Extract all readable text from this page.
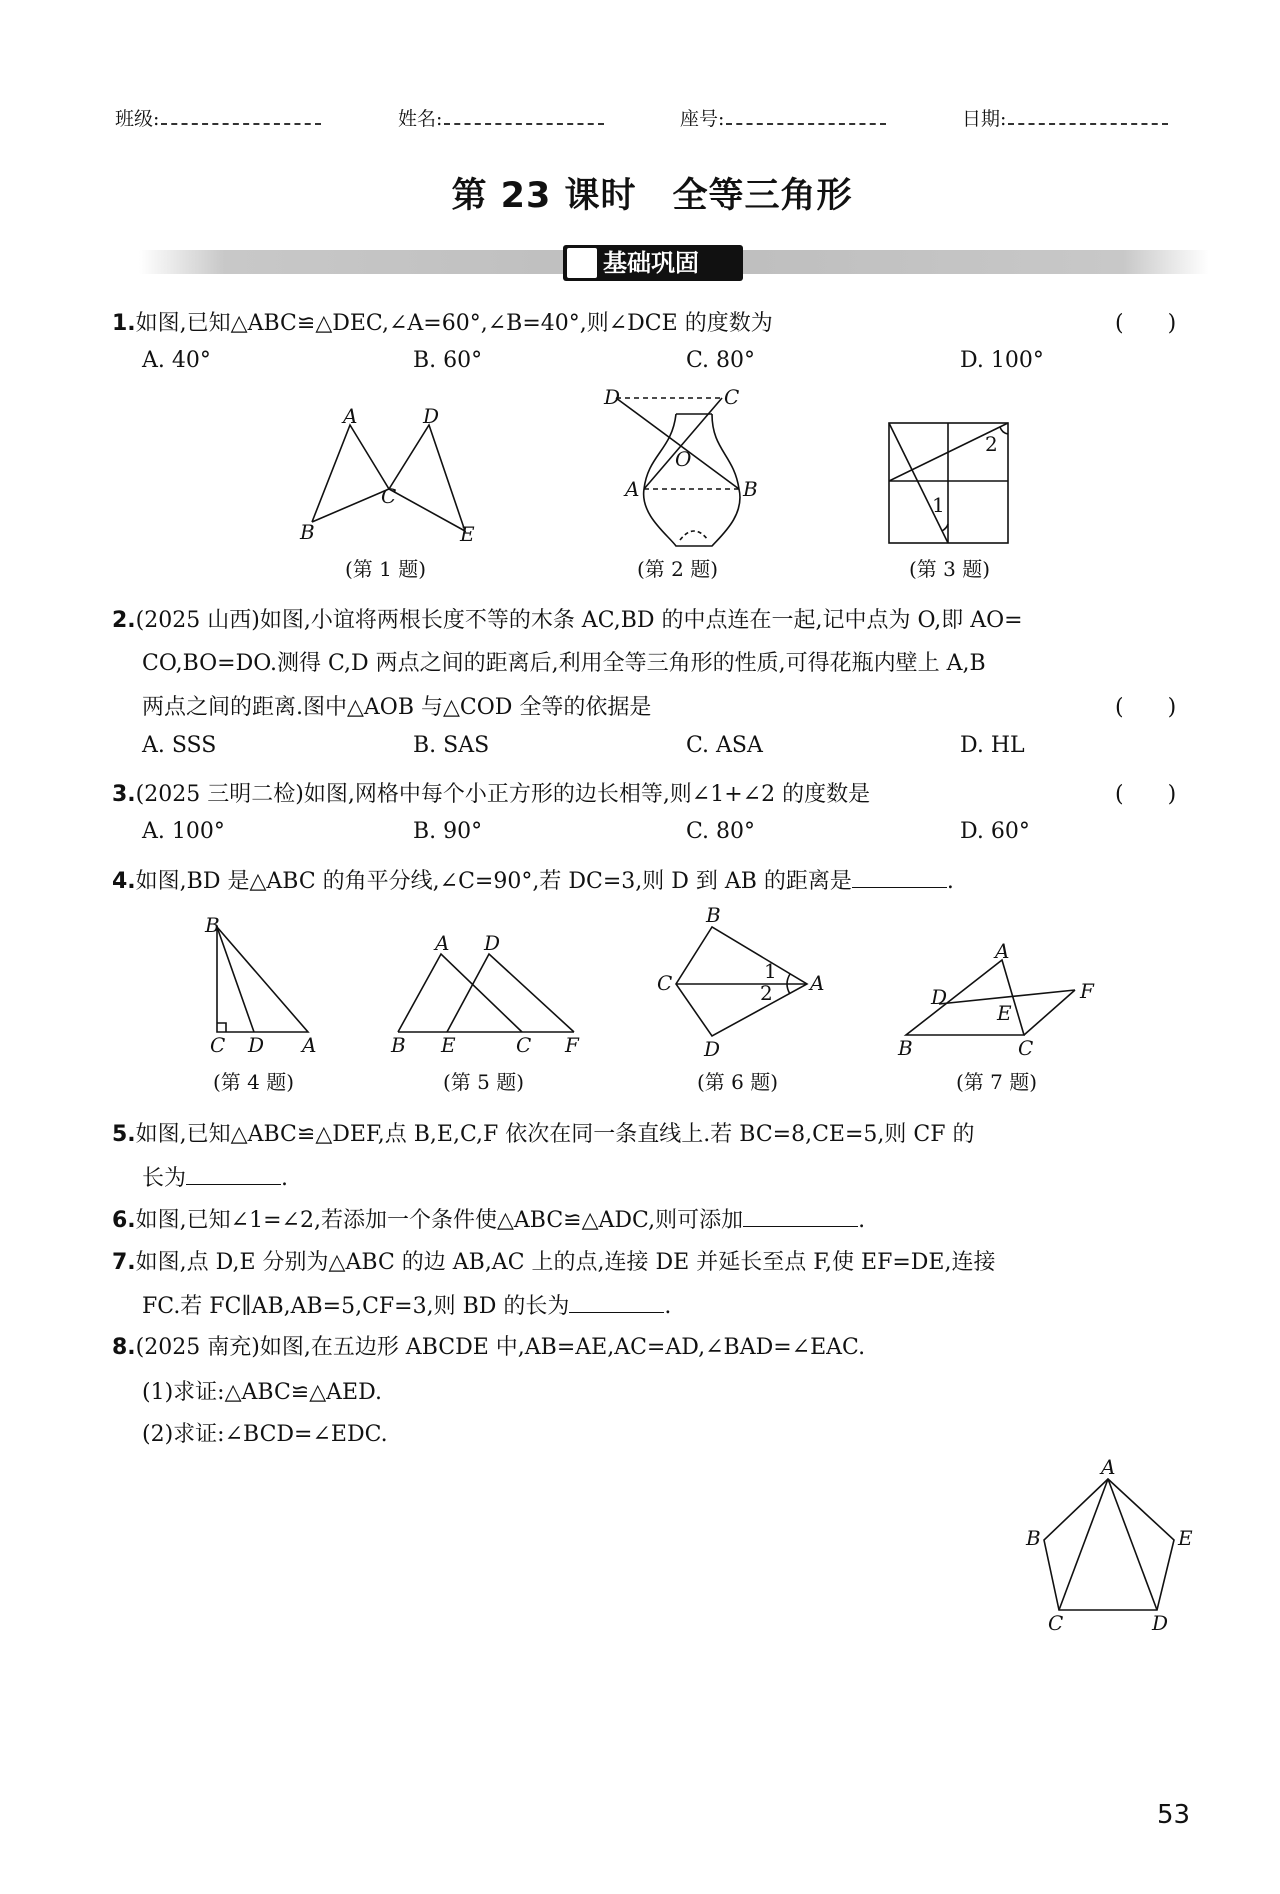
班级:	姓名:	座号:	日期:
第 23 课时　全等三角形
基础巩固
1.如图,已知△ABC≌△DEC,∠A=60°,∠B=40°,则∠DCE 的度数为	(　　)
A. 40°	B. 60°	C. 80°	D. 100°
(第 1 题)	(第 2 题)	(第 3 题)
2.(2025 山西)如图,小谊将两根长度不等的木条 AC,BD 的中点连在一起,记中点为 O,即 AO=
CO,BO=DO.测得 C,D 两点之间的距离后,利用全等三角形的性质,可得花瓶内壁上 A,B
两点之间的距离.图中△AOB 与△COD 全等的依据是	(　　)
A. SSS	B. SAS	C. ASA	D. HL
3.(2025 三明二检)如图,网格中每个小正方形的边长相等,则∠1+∠2 的度数是	(　　)
A. 100°	B. 90°	C. 80°	D. 60°
4.如图,BD 是△ABC 的角平分线,∠C=90°,若 DC=3,则 D 到 AB 的距离是	.
(第 4 题)	(第 5 题)	(第 6 题)	(第 7 题)
5.如图,已知△ABC≌△DEF,点 B,E,C,F 依次在同一条直线上.若 BC=8,CE=5,则 CF 的
长为	.
6.如图,已知∠1=∠2,若添加一个条件使△ABC≌△ADC,则可添加	.
7.如图,点 D,E 分别为△ABC 的边 AB,AC 上的点,连接 DE 并延长至点 F,使 EF=DE,连接
FC.若 FC∥AB,AB=5,CF=3,则 BD 的长为	.
8.(2025 南充)如图,在五边形 ABCDE 中,AB=AE,AC=AD,∠BAD=∠EAC.
(1)求证:△ABC≌△AED.
(2)求证:∠BCD=∠EDC.
53
A	D
C
B	E
D	C
O
A	B
1
2
B
C D A
A D
B E	C F
B
C	A
D
1
2
A
D
E
F
B	C
A
B	E
C	D
